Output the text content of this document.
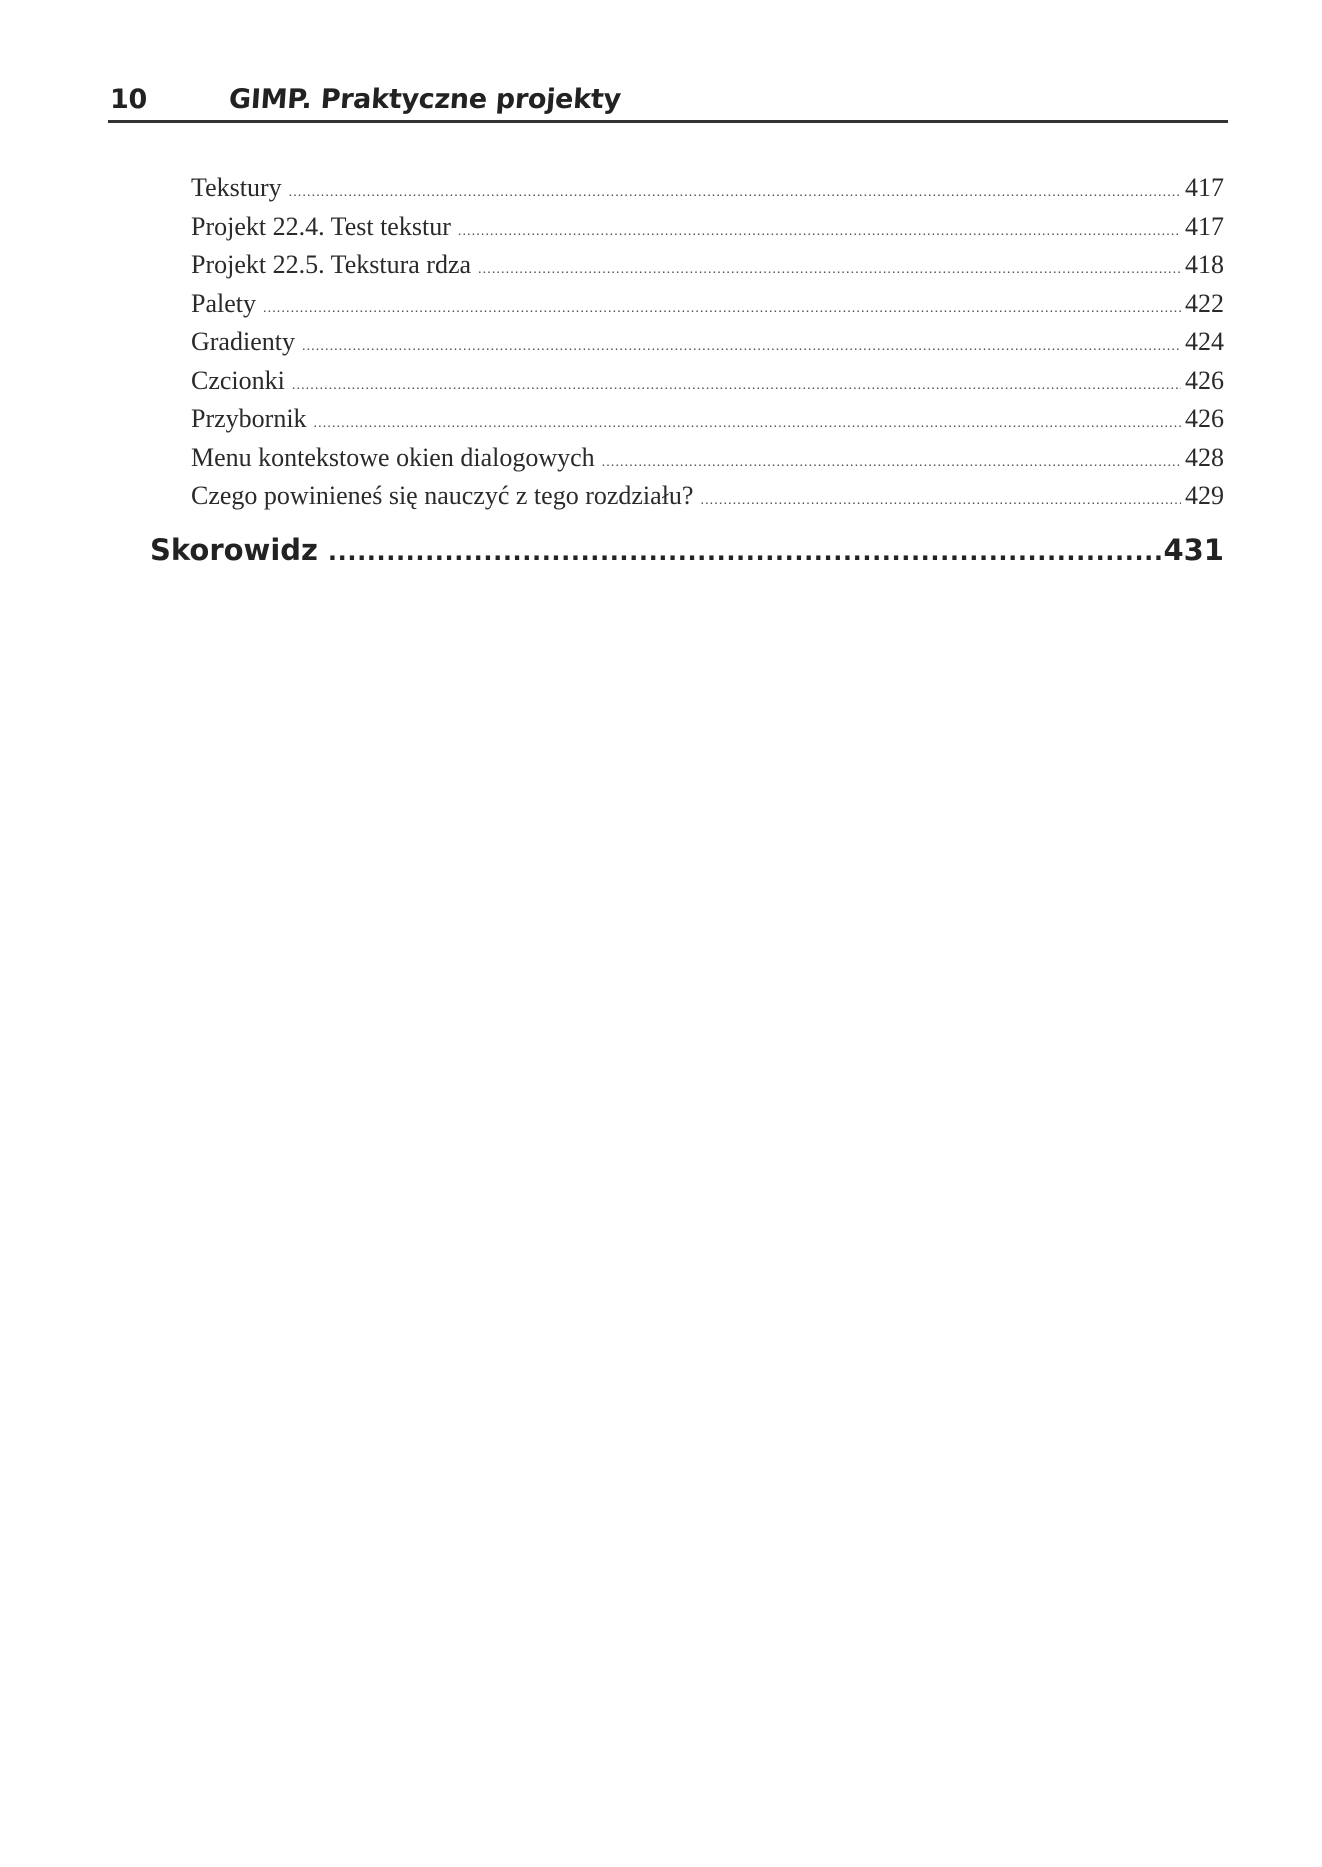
10	GIMP. Praktyczne projekty
Tekstury .....	417
Projekt 22.4. Test tekstur .....	417
Projekt 22.5. Tekstura rdza .....	418
Palety .....	422
Gradienty .....	424
Czcionki .....	426
Przybornik .....	426
Menu kontekstowe okien dialogowych .....	428
Czego powinieneś się nauczyć z tego rozdziału? .....	429
Skorowidz .....	431
